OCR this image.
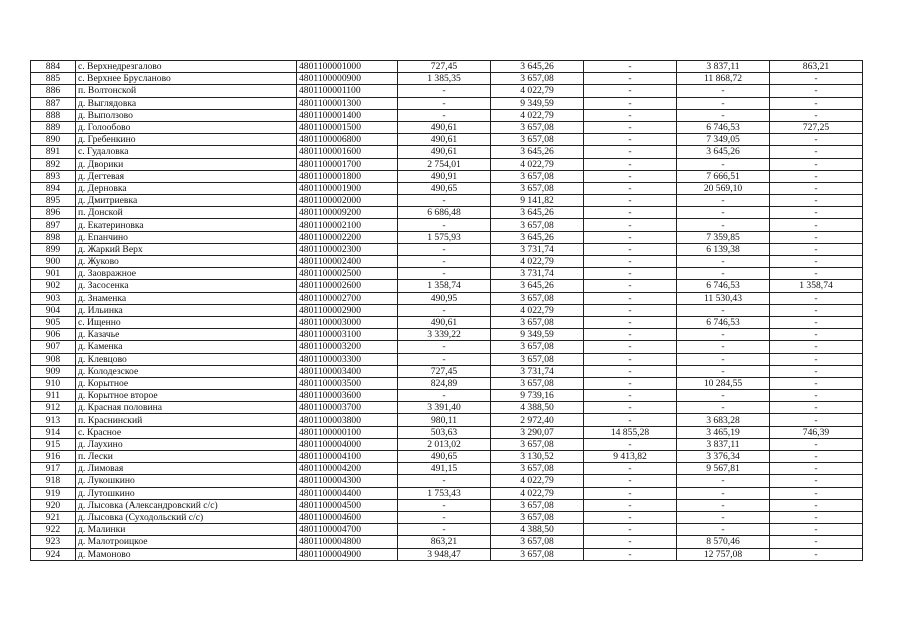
884	с. Верхнедрезгалово	4801100001000	727,45	3 645,26	-	3 837,11	863,21
885	с. Верхнее Брусланово	4801100000900	1 385,35	3 657,08	-	11 868,72	-
886	п. Волтонской	4801100001100	-	4 022,79	-	-	-
887	д. Выглядовка	4801100001300	-	9 349,59	-	-	-
888	д. Выползово	4801100001400	-	4 022,79	-	-	-
889	д. Голообово	4801100001500	490,61	3 657,08	-	6 746,53	727,25
890	д. Гребенкино	4801100006800	490,61	3 657,08	-	7 349,05	-
891	с. Гудаловка	4801100001600	490,61	3 645,26	-	3 645,26	-
892	д. Дворики	4801100001700	2 754,01	4 022,79	-	-	-
893	д. Дегтевая	4801100001800	490,91	3 657,08	-	7 666,51	-
894	д. Дерновка	4801100001900	490,65	3 657,08	-	20 569,10	-
895	д. Дмитриевка	4801100002000	-	9 141,82	-	-	-
896	п. Донской	4801100009200	6 686,48	3 645,26	-	-	-
897	д. Екатериновка	4801100002100	-	3 657,08	-	-	-
898	д. Епанчино	4801100002200	1 575,93	3 645,26	-	7 359,85	-
899	д. Жаркий Верх	4801100002300	-	3 731,74	-	6 139,38	-
900	д. Жуково	4801100002400	-	4 022,79	-	-	-
901	д. Заовражное	4801100002500	-	3 731,74	-	-	-
902	д. Засосенка	4801100002600	1 358,74	3 645,26	-	6 746,53	1 358,74
903	д. Знаменка	4801100002700	490,95	3 657,08	-	11 530,43	-
904	д. Ильинка	4801100002900	-	4 022,79	-	-	-
905	с. Ищенно	4801100003000	490,61	3 657,08	-	6 746,53	-
906	д. Казачье	4801100003100	3 339,22	9 349,59	-	-	-
907	д. Каменка	4801100003200	-	3 657,08	-	-	-
908	д. Клевцово	4801100003300	-	3 657,08	-	-	-
909	д. Колодезское	4801100003400	727,45	3 731,74	-	-	-
910	д. Корытное	4801100003500	824,89	3 657,08	-	10 284,55	-
911	д. Корытное второе	4801100003600	-	9 739,16	-	-	-
912	д. Красная половина	4801100003700	3 391,40	4 388,50	-	-	-
913	п. Краснинский	4801100003800	980,11	2 972,40	-	3 683,28	-
914	с. Красное	4801100000100	503,63	3 290,07	14 855,28	3 465,19	746,39
915	д. Лаухино	4801100004000	2 013,02	3 657,08	-	3 837,11	-
916	п. Лески	4801100004100	490,65	3 130,52	9 413,82	3 376,34	-
917	д. Лимовая	4801100004200	491,15	3 657,08	-	9 567,81	-
918	д. Лукошкино	4801100004300	-	4 022,79	-	-	-
919	д. Лутошкино	4801100004400	1 753,43	4 022,79	-	-	-
920	д. Лысовка (Александровский с/с)	4801100004500	-	3 657,08	-	-	-
921	д. Лысовка (Суходольский с/с)	4801100004600	-	3 657,08	-	-	-
922	д. Малинки	4801100004700	-	4 388,50	-	-	-
923	д. Малотроицкое	4801100004800	863,21	3 657,08	-	8 570,46	-
924	д. Мамоново	4801100004900	3 948,47	3 657,08	-	12 757,08	-
